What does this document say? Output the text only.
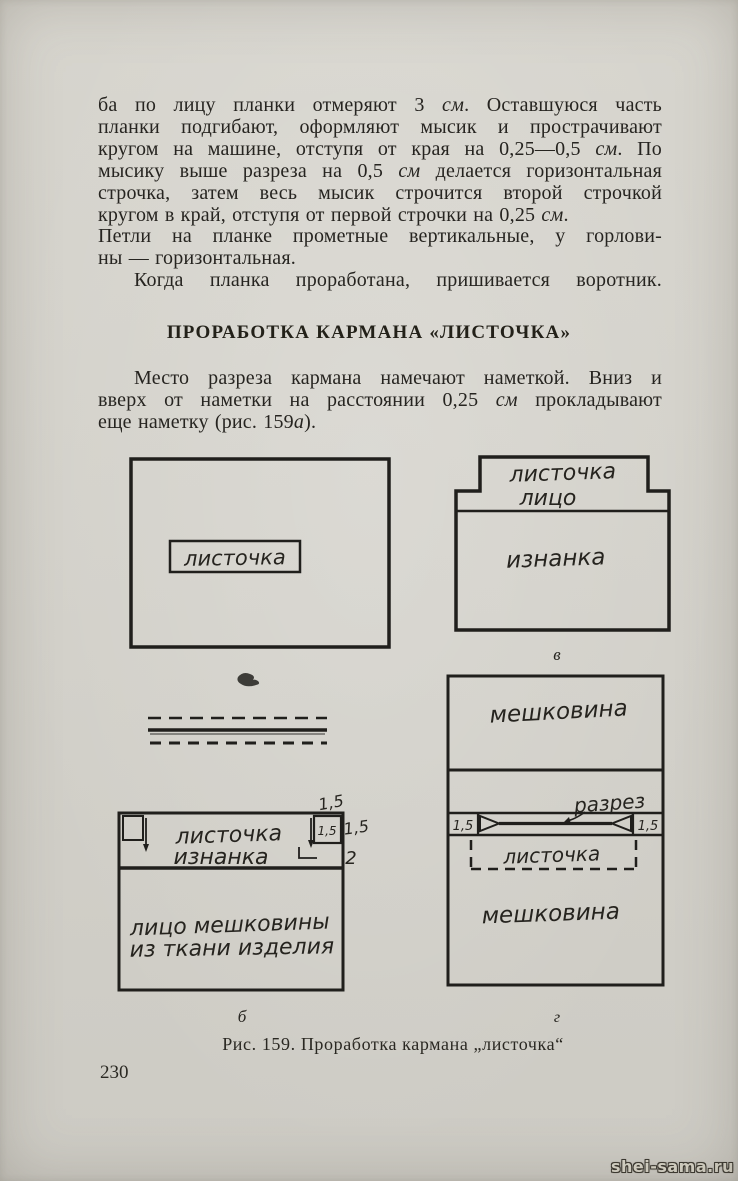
ба по лицу планки отмеряют 3 см. Оставшуюся часть
планки подгибают, оформляют мысик и прострачивают
кругом на машине, отступя от края на 0,25—0,5 см. По
мысику выше разреза на 0,5 см делается горизонтальная
строчка, затем весь мысик строчится второй строчкой
кругом в край, отступя от первой строчки на 0,25 см.
Петли на планке прометные вертикальные, у горлови-
ны — горизонтальная.
Когда планка проработана, пришивается воротник.
ПРОРАБОТКА КАРМАНА «ЛИСТОЧКА»
Место разреза кармана намечают наметкой. Вниз и
вверх от наметки на расстоянии 0,25 см прокладывают
еще наметку (рис. 159а).
листочка
листочка
лицо
изнанка
в
1,5
1,5 1,5
2
листочка
изнанка
лицо мешковины
из ткани изделия
б
мешковина
разрез
1,5	1,5
листочка
мешковина
г
Рис. 159. Проработка кармана „листочка“
230
shei-sama.ru
